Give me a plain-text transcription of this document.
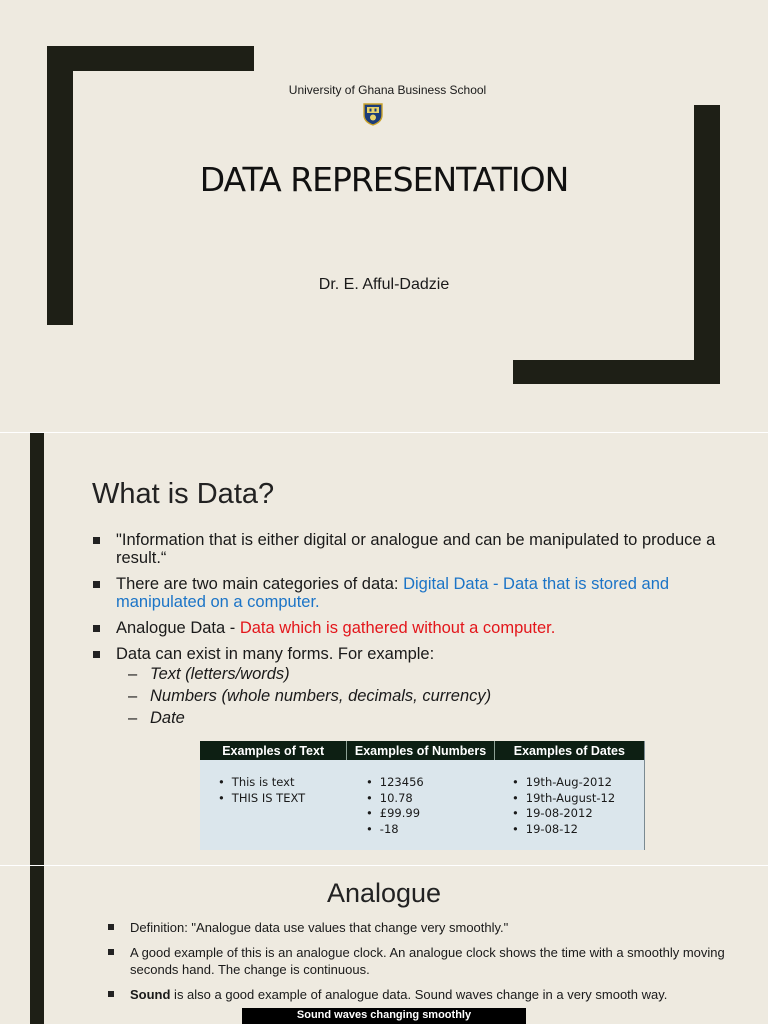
University of Ghana Business School
DATA REPRESENTATION
Dr. E. Afful-Dadzie
What is Data?
"Information that is either digital or analogue and can be manipulated to produce a result.“
There are two main categories of data: Digital Data - Data that is stored and manipulated on a computer.
Analogue Data - Data which is gathered without a computer.
Data can exist in many forms. For example:
– Text (letters/words)
– Numbers (whole numbers, decimals, currency)
– Date
Examples of Text	Examples of Numbers	Examples of Dates
• This is text
• THIS IS TEXT
• 123456
• 10.78
• £99.99
• -18
• 19th-Aug-2012
• 19th-August-12
• 19-08-2012
• 19-08-12
Analogue
Definition: "Analogue data use values that change very smoothly."
A good example of this is an analogue clock. An analogue clock shows the time with a smoothly moving seconds hand. The change is continuous.
Sound is also a good example of analogue data. Sound waves change in a very smooth way.
Sound waves changing smoothly
